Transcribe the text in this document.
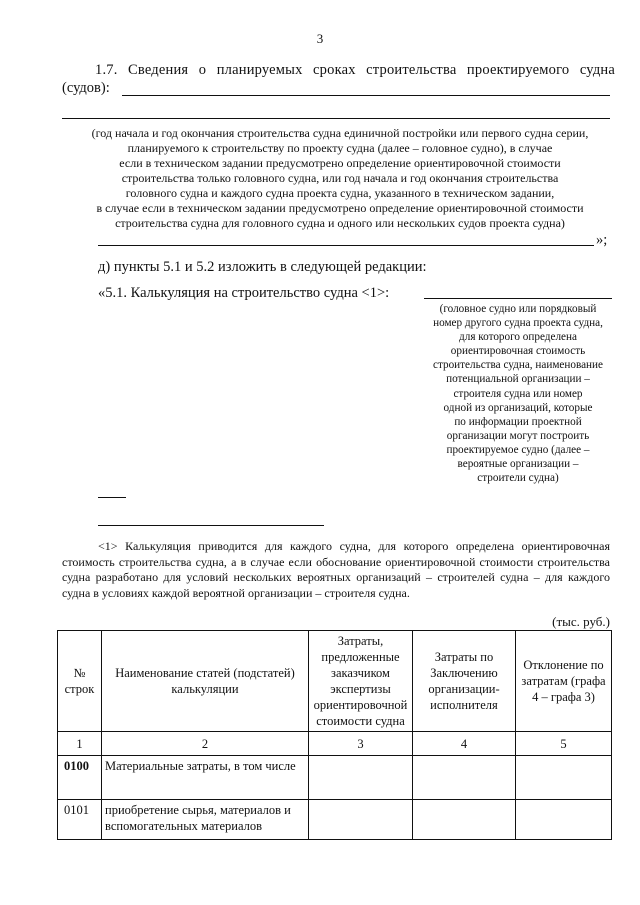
3
1.7. Сведения о планируемых сроках строительства проектируемого судна
(судов):
(год начала и год окончания строительства судна единичной постройки или первого судна серии,
планируемого к строительству по проекту судна (далее – головное судно), в случае
если в техническом задании предусмотрено определение ориентировочной стоимости
строительства только головного судна, или год начала и год окончания строительства
головного судна и каждого судна проекта судна, указанного в техническом задании,
в случае если в техническом задании предусмотрено определение ориентировочной стоимости
строительства судна для головного судна и одного или нескольких судов проекта судна)
»;
д) пункты 5.1 и 5.2 изложить в следующей редакции:
«5.1. Калькуляция на строительство судна <1>:
(головное судно или порядковый
номер другого судна проекта судна,
для которого определена
ориентировочная стоимость
строительства судна, наименование
потенциальной организации –
строителя судна или номер
одной из организаций, которые
по информации проектной
организации могут построить
проектируемое судно (далее –
вероятные организации –
строители судна)
<1> Калькуляция приводится для каждого судна, для которого определена ориентировочная стоимость строительства судна, а в случае если обоснование ориентировочной стоимости строительства судна разработано для условий нескольких вероятных организаций – строителей судна – для каждого судна в условиях каждой вероятной организации – строителя судна.
(тыс. руб.)
№ строк	Наименование статей (подстатей) калькуляции	Затраты, предложенные заказчиком экспертизы ориентировочной стоимости судна	Затраты по Заключению организации-исполнителя	Отклонение по затратам (графа 4 – графа 3)
1	2	3	4	5
0100	Материальные затраты, в том числе			
0101	приобретение сырья, материалов и вспомогательных материалов			
